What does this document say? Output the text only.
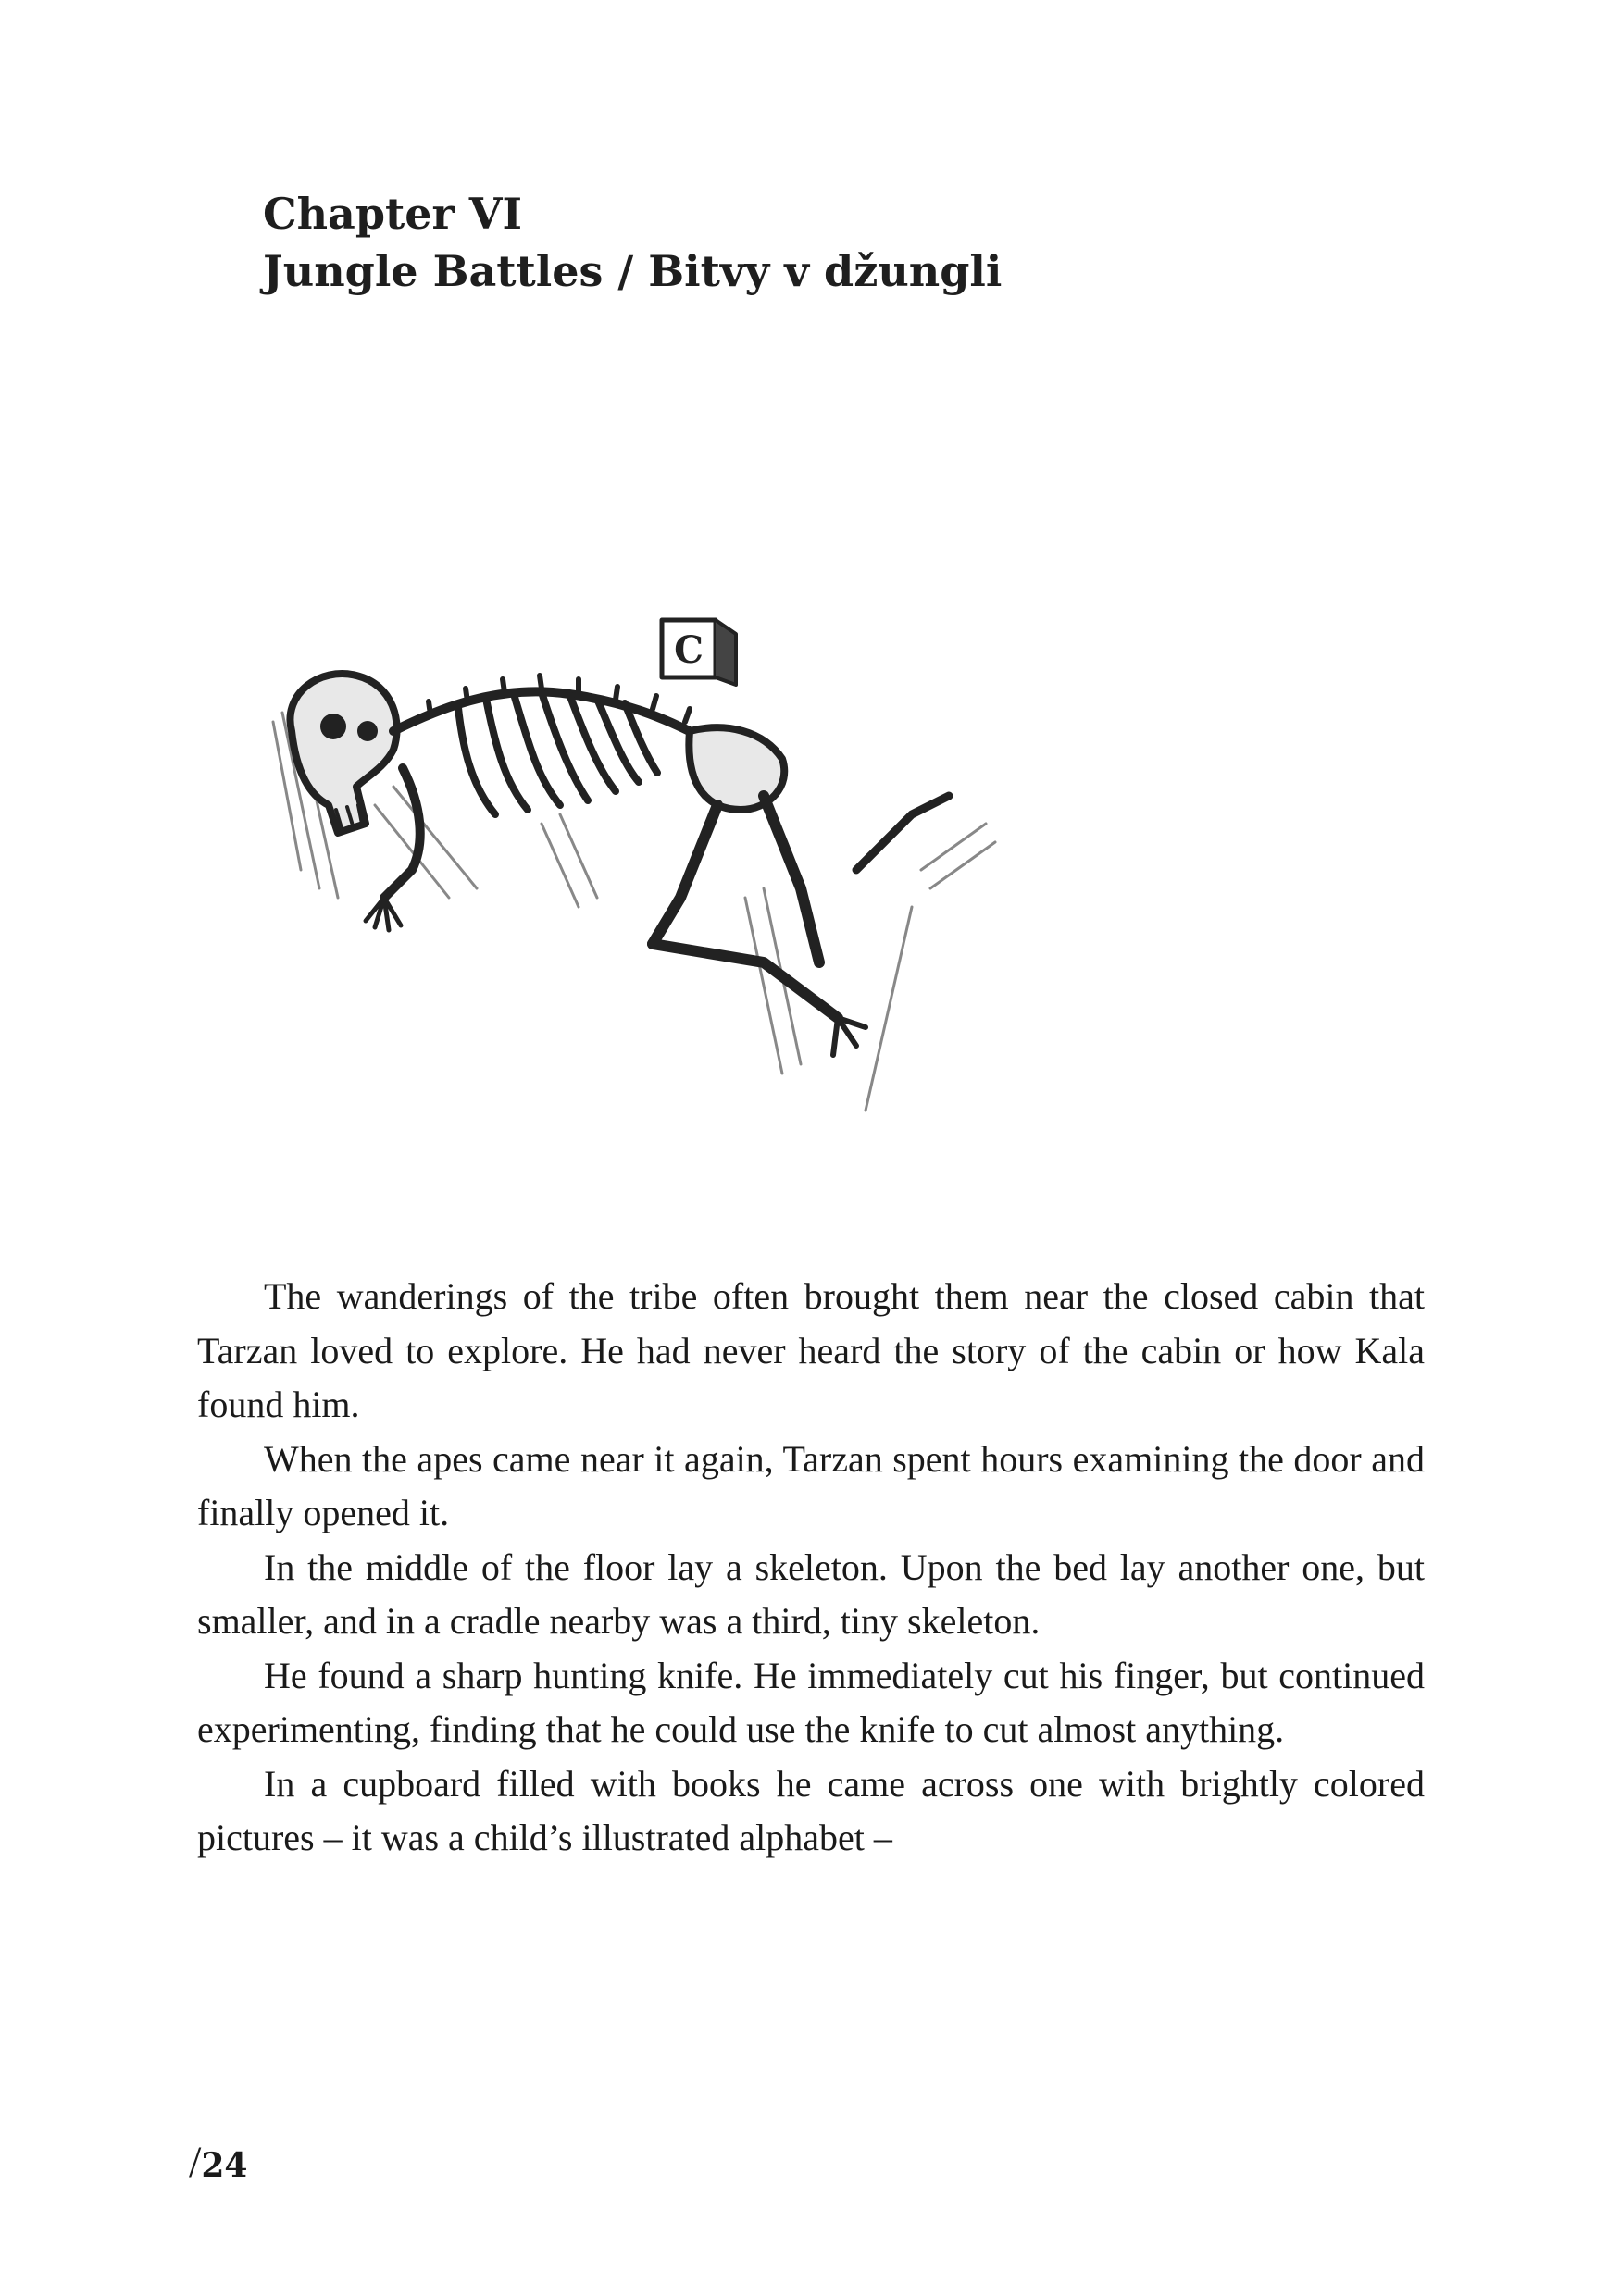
Chapter VI
Jungle Battles / Bitvy v džungli
C

The wanderings of the tribe often brought them near the closed cabin that Tarzan loved to explore. He had never heard the story of the cabin or how Kala found him.

When the apes came near it again, Tarzan spent hours examining the door and finally opened it.

In the middle of the floor lay a skeleton. Upon the bed lay another one, but smaller, and in a cradle nearby was a third, tiny skeleton.

He found a sharp hunting knife. He immediately cut his finger, but continued experimenting, finding that he could use the knife to cut almost anything.

In a cupboard filled with books he came across one with brightly colored pictures – it was a child’s illustrated alphabet –

/24
